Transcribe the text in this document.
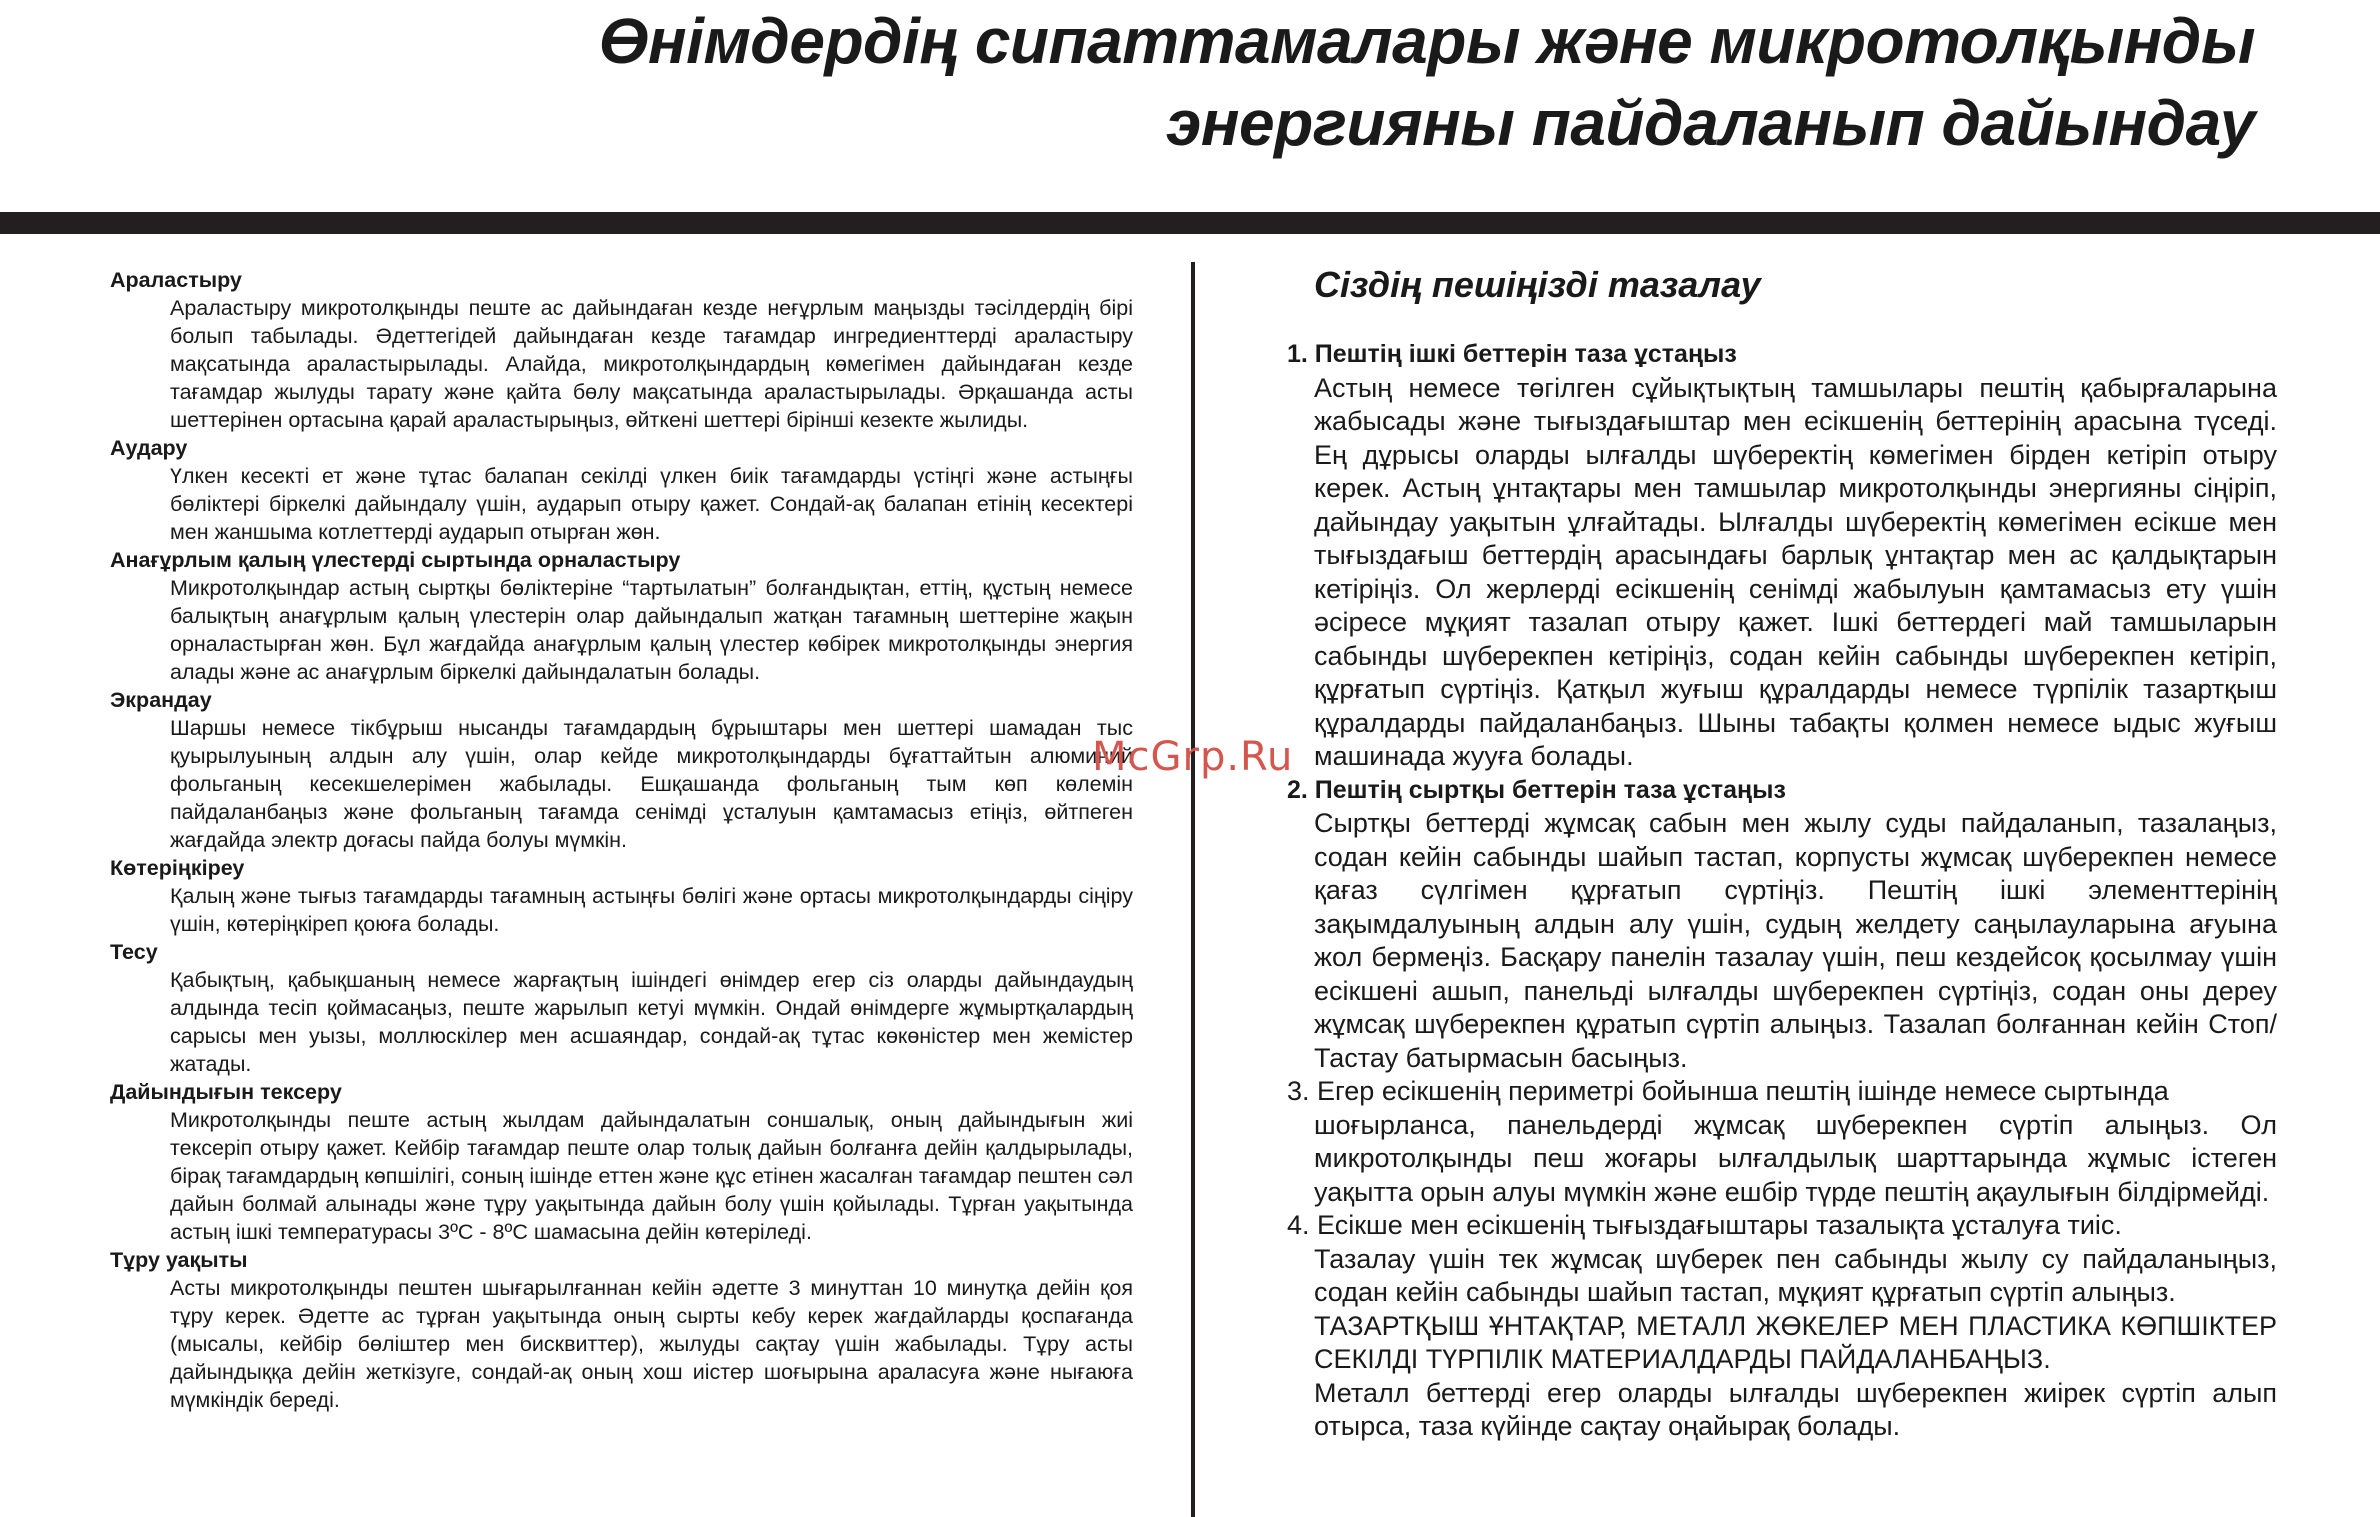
Өнімдердің сипаттамалары және микротолқынды
энергияны пайдаланып дайындау
Араластыру
Араластыру микротолқынды пеште ас дайындаған кезде неғұрлым маңызды тәсілдердің бірі болып табылады. Әдеттегідей дайындаған кезде тағамдар ингредиенттерді араластыру мақсатында араластырылады. Алайда, микротолқындардың көмегімен дайындаған кезде тағамдар жылуды тарату және қайта бөлу мақсатында араластырылады. Әрқашанда асты шеттерінен ортасына қарай араластырыңыз, өйткені шеттері бірінші кезекте жылиды.
Аудару
Үлкен кесекті ет және тұтас балапан секілді үлкен биік тағамдарды үстіңгі және астыңғы бөліктері біркелкі дайындалу үшін, аударып отыру қажет. Сондай-ақ балапан етінің кесектері мен жаншыма котлеттерді аударып отырған жөн.
Анағұрлым қалың үлестерді сыртында орналастыру
Микротолқындар астың сыртқы бөліктеріне “тартылатын” болғандықтан, еттің, құстың немесе балықтың анағұрлым қалың үлестерін олар дайындалып жатқан тағамның шеттеріне жақын орналастырған жөн. Бұл жағдайда анағұрлым қалың үлестер көбірек микротолқынды энергия алады және ас анағұрлым біркелкі дайындалатын болады.
Экрандау
Шаршы немесе тікбұрыш нысанды тағамдардың бұрыштары мен шеттері шамадан тыс қуырылуының алдын алу үшін, олар кейде микротолқындарды бұғаттайтын алюминий фольганың кесекшелерімен жабылады. Ешқашанда фольганың тым көп көлемін пайдаланбаңыз және фольганың тағамда сенімді ұсталуын қамтамасыз етіңіз, өйтпеген жағдайда электр доғасы пайда болуы мүмкін.
Көтеріңкіреу
Қалың және тығыз тағамдарды тағамның астыңғы бөлігі және ортасы микротолқындарды сіңіру үшін, көтеріңкіреп қоюға болады.
Тесу
Қабықтың, қабықшаның немесе жарғақтың ішіндегі өнімдер егер сіз оларды дайындаудың алдында тесіп қоймасаңыз, пеште жарылып кетуі мүмкін. Ондай өнімдерге жұмыртқалардың сарысы мен уызы, моллюскілер мен асшаяндар, сондай-ақ тұтас көкөністер мен жемістер жатады.
Дайындығын тексеру
Микротолқынды пеште астың жылдам дайындалатын соншалық, оның дайындығын жиі тексеріп отыру қажет. Кейбір тағамдар пеште олар толық дайын болғанға дейін қалдырылады, бірақ тағамдардың көпшілігі, соның ішінде еттен және құс етінен жасалған тағамдар пештен сәл дайын болмай алынады және тұру уақытында дайын болу үшін қойылады. Тұрған уақытында астың ішкі температурасы 3ºС - 8ºС шамасына дейін көтеріледі.
Тұру уақыты
Асты микротолқынды пештен шығарылғаннан кейін әдетте 3 минуттан 10 минутқа дейін қоя тұру керек. Әдетте ас тұрған уақытында оның сырты кебу керек жағдайларды қоспағанда (мысалы, кейбір бөліштер мен бисквиттер), жылуды сақтау үшін жабылады. Тұру асты дайындыққа дейін жеткізуге, сондай-ақ оның хош иістер шоғырына араласуға және нығаюға мүмкіндік береді.
Сіздің пешіңізді тазалау
1. Пештің ішкі беттерін таза ұстаңыз
Астың немесе төгілген сұйықтықтың тамшылары пештің қабырғаларына жабысады және тығыздағыштар мен есікшенің беттерінің арасына түседі. Ең дұрысы оларды ылғалды шүберектің көмегімен бірден кетіріп отыру керек. Астың ұнтақтары мен тамшылар микротолқынды энергияны сіңіріп, дайындау уақытын ұлғайтады. Ылғалды шүберектің көмегімен есікше мен тығыздағыш беттердің арасындағы барлық ұнтақтар мен ас қалдықтарын кетіріңіз. Ол жерлерді есікшенің сенімді жабылуын қамтамасыз ету үшін әсіресе мұқият тазалап отыру қажет. Ішкі беттердегі май тамшыларын сабынды шүберекпен кетіріңіз, содан кейін сабынды шүберекпен кетіріп, құрғатып сүртіңіз. Қатқыл жуғыш құралдарды немесе түрпілік тазартқыш құралдарды пайдаланбаңыз. Шыны табақты қолмен немесе ыдыс жуғыш машинада жууға болады.
2. Пештің сыртқы беттерін таза ұстаңыз
Сыртқы беттерді жұмсақ сабын мен жылу суды пайдаланып, тазалаңыз, содан кейін сабынды шайып тастап, корпусты жұмсақ шүберекпен немесе қағаз сүлгімен құрғатып сүртіңіз. Пештің ішкі элементтерінің зақымдалуының алдын алу үшін, судың желдету саңылауларына ағуына жол бермеңіз. Басқару панелін тазалау үшін, пеш кездейсоқ қосылмау үшін есікшені ашып, панельді ылғалды шүберекпен сүртіңіз, содан оны дереу жұмсақ шүберекпен құратып сүртіп алыңыз. Тазалап болғаннан кейін Стоп/Тастау батырмасын басыңыз.
3. Егер есікшенің периметрі бойынша пештің ішінде немесе сыртында
шоғырланса, панельдерді жұмсақ шүберекпен сүртіп алыңыз. Ол микротолқынды пеш жоғары ылғалдылық шарттарында жұмыс істеген уақытта орын алуы мүмкін және ешбір түрде пештің ақаулығын білдірмейді.
4. Есікше мен есікшенің тығыздағыштары тазалықта ұсталуға тиіс.
Тазалау үшін тек жұмсақ шүберек пен сабынды жылу су пайдаланыңыз, содан кейін сабынды шайып тастап, мұқият құрғатып сүртіп алыңыз.
ТАЗАРТҚЫШ ҰНТАҚТАР, МЕТАЛЛ ЖӨКЕЛЕР МЕН ПЛАСТИКА КӨПШІКТЕР СЕКІЛДІ ТҮРПІЛІК МАТЕРИАЛДАРДЫ ПАЙДАЛАНБАҢЫЗ.
Металл беттерді егер оларды ылғалды шүберекпен жиірек сүртіп алып отырса, таза күйінде сақтау оңайырақ болады.
McGrp.Ru
